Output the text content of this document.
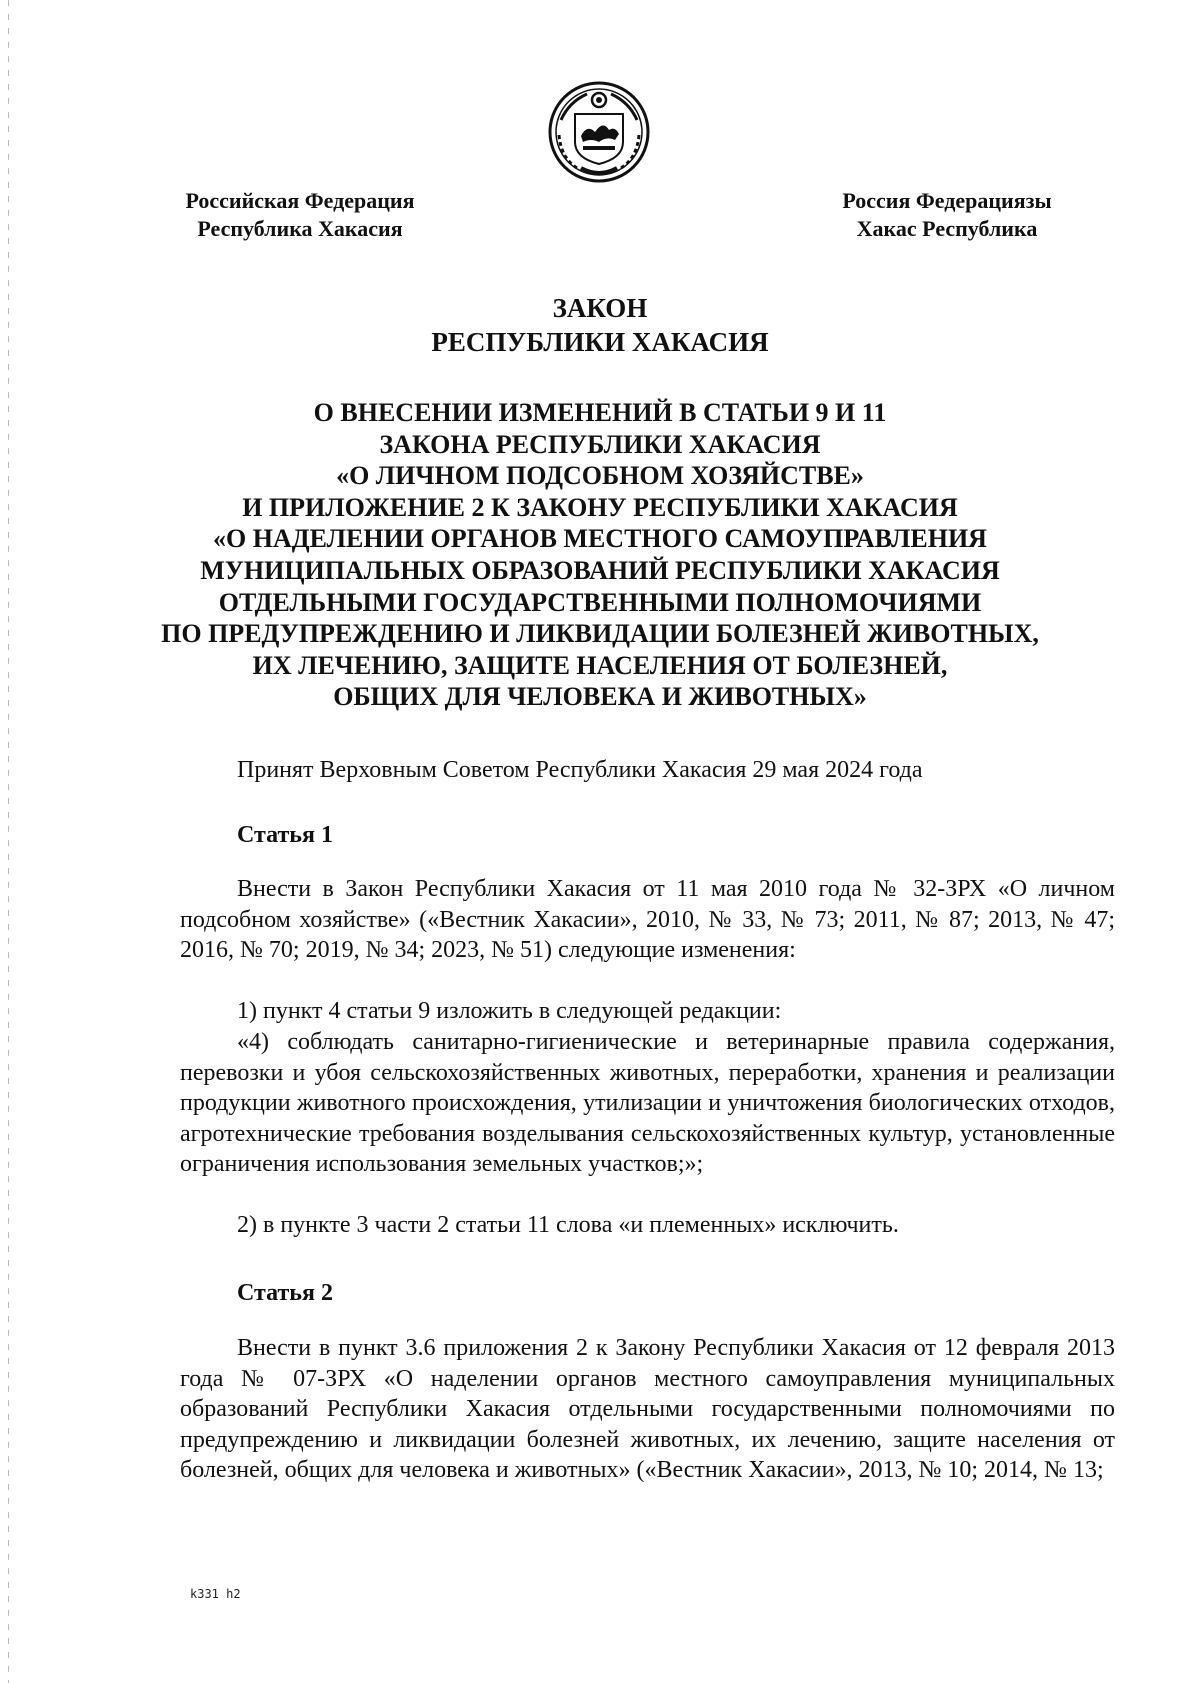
Российская Федерация
Республика Хакасия
Россия Федерациязы
Хакас Республика
ЗАКОН
РЕСПУБЛИКИ ХАКАСИЯ
О ВНЕСЕНИИ ИЗМЕНЕНИЙ В СТАТЬИ 9 И 11
ЗАКОНА РЕСПУБЛИКИ ХАКАСИЯ
«О ЛИЧНОМ ПОДСОБНОМ ХОЗЯЙСТВЕ»
И ПРИЛОЖЕНИЕ 2 К ЗАКОНУ РЕСПУБЛИКИ ХАКАСИЯ
«О НАДЕЛЕНИИ ОРГАНОВ МЕСТНОГО САМОУПРАВЛЕНИЯ
МУНИЦИПАЛЬНЫХ ОБРАЗОВАНИЙ РЕСПУБЛИКИ ХАКАСИЯ
ОТДЕЛЬНЫМИ ГОСУДАРСТВЕННЫМИ ПОЛНОМОЧИЯМИ
ПО ПРЕДУПРЕЖДЕНИЮ И ЛИКВИДАЦИИ БОЛЕЗНЕЙ ЖИВОТНЫХ,
ИХ ЛЕЧЕНИЮ, ЗАЩИТЕ НАСЕЛЕНИЯ ОТ БОЛЕЗНЕЙ,
ОБЩИХ ДЛЯ ЧЕЛОВЕКА И ЖИВОТНЫХ»
Принят Верховным Советом Республики Хакасия 29 мая 2024 года
Статья 1
Внести в Закон Республики Хакасия от 11 мая 2010 года № 32-ЗРХ «О личном подсобном хозяйстве» («Вестник Хакасии», 2010, № 33, № 73; 2011, № 87; 2013, № 47; 2016, № 70; 2019, № 34; 2023, № 51) следующие изменения:
1) пункт 4 статьи 9 изложить в следующей редакции:
«4) соблюдать санитарно-гигиенические и ветеринарные правила содержания, перевозки и убоя сельскохозяйственных животных, переработки, хранения и реализации продукции животного происхождения, утилизации и уничтожения биологических отходов, агротехнические требования возделывания сельскохозяйственных культур, установленные ограничения использования земельных участков;»;
2) в пункте 3 части 2 статьи 11 слова «и племенных» исключить.
Статья 2
Внести в пункт 3.6 приложения 2 к Закону Республики Хакасия от 12 февраля 2013 года № 07-ЗРХ «О наделении органов местного самоуправления муниципальных образований Республики Хакасия отдельными государственными полномочиями по предупреждению и ликвидации болезней животных, их лечению, защите населения от болезней, общих для человека и животных» («Вестник Хакасии», 2013, № 10; 2014, № 13;
k331 h2
